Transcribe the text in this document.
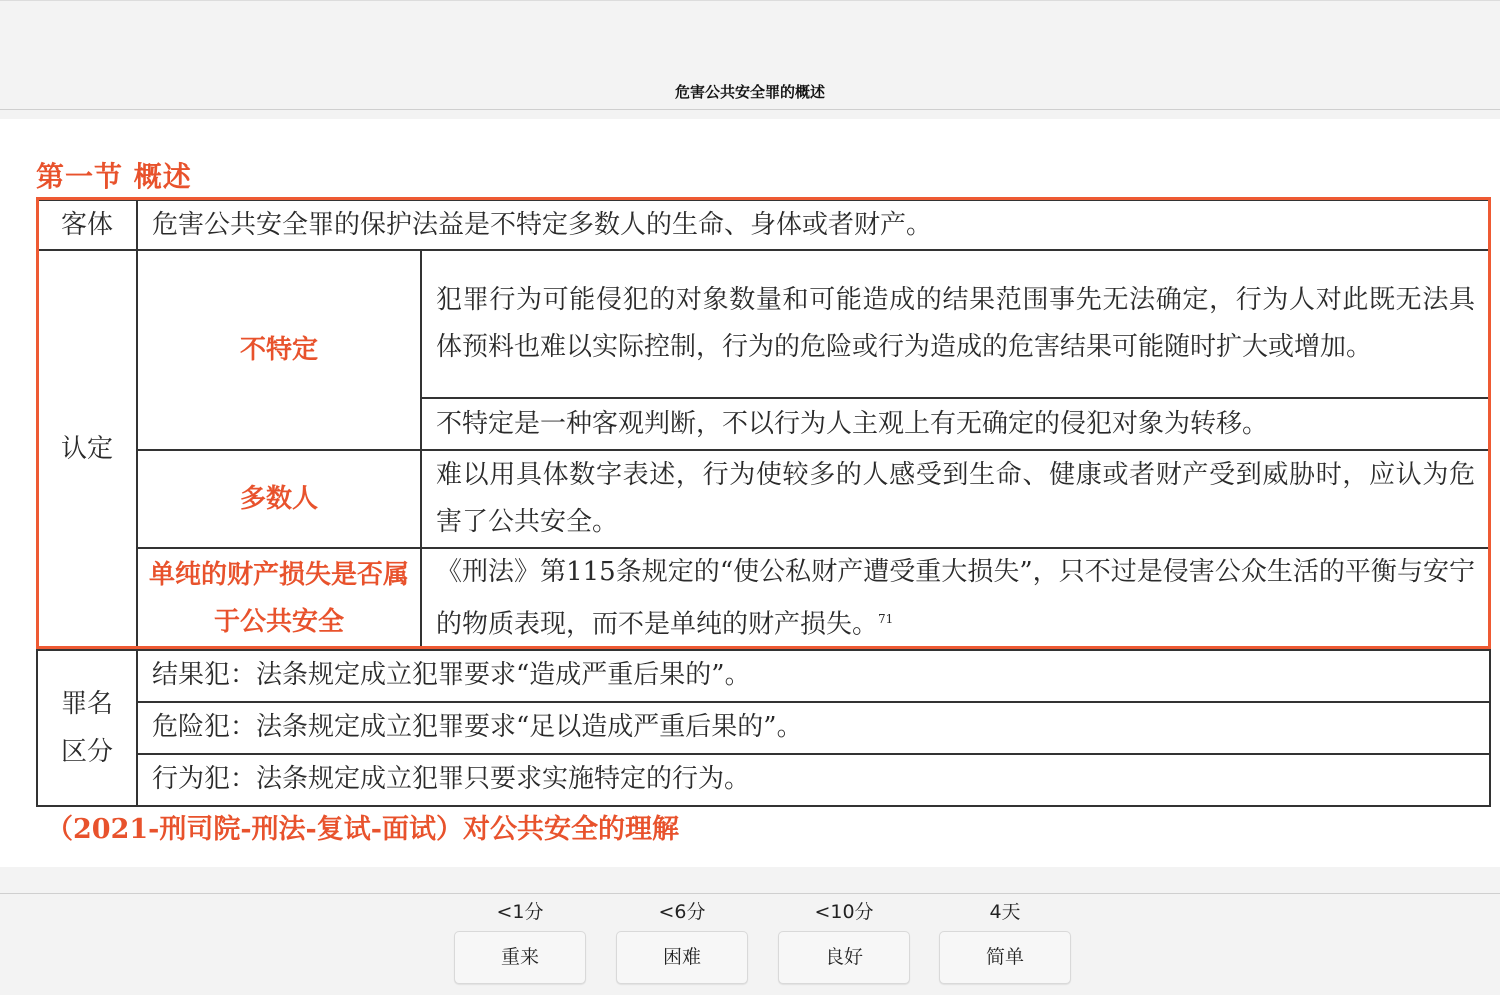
危害公共安全罪的概述
第一节 概述
客体	危害公共安全罪的保护法益是不特定多数人的生命、身体或者财产。	
认定	不特定	犯罪行为可能侵犯的对象数量和可能造成的结果范围事先无法确定，行为人对此既无法具体预料也难以实际控制，行为的危险或行为造成的危害结果可能随时扩大或增加。
		不特定是一种客观判断，不以行为人主观上有无确定的侵犯对象为转移。
	多数人	难以用具体数字表述，行为使较多的人感受到生命、健康或者财产受到威胁时，应认为危害了公共安全。
	单纯的财产损失是否属于公共安全	《刑法》第115条规定的“使公私财产遭受重大损失”，只不过是侵害公众生活的平衡与安宁的物质表现，而不是单纯的财产损失。$^{71}$
罪名区分	结果犯：法条规定成立犯罪要求“造成严重后果的”。	
	危险犯：法条规定成立犯罪要求“足以造成严重后果的”。	
	行为犯：法条规定成立犯罪只要求实施特定的行为。	
（2021-刑司院-刑法-复试-面试）对公共安全的理解
<1分
重来
<6分
困难
<10分
良好
4天
简单
